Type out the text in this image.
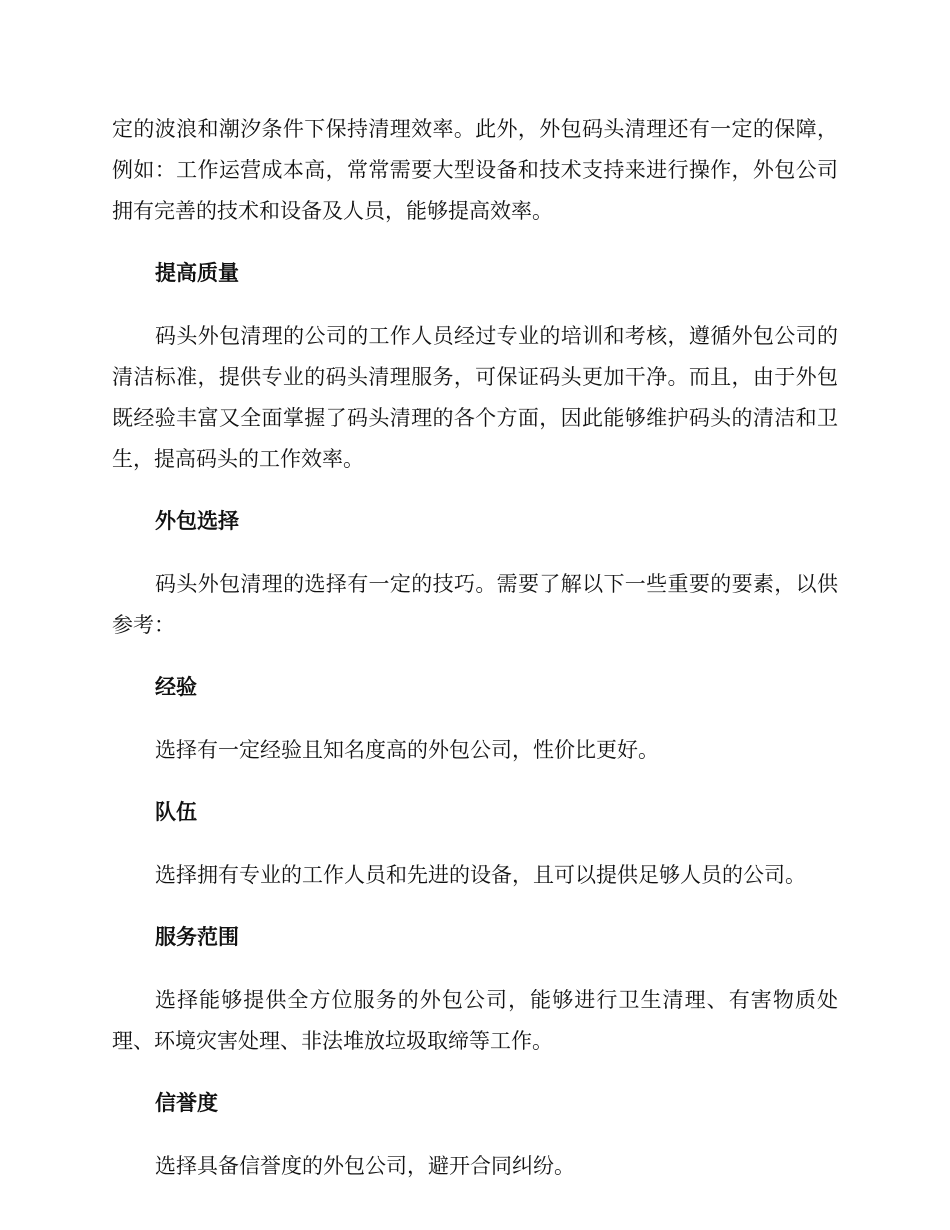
定的波浪和潮汐条件下保持清理效率。此外，外包码头清理还有一定的保障，例如：工作运营成本高，常常需要大型设备和技术支持来进行操作，外包公司拥有完善的技术和设备及人员，能够提高效率。

提高质量

码头外包清理的公司的工作人员经过专业的培训和考核，遵循外包公司的清洁标准，提供专业的码头清理服务，可保证码头更加干净。而且，由于外包既经验丰富又全面掌握了码头清理的各个方面，因此能够维护码头的清洁和卫生，提高码头的工作效率。

外包选择

码头外包清理的选择有一定的技巧。需要了解以下一些重要的要素，以供参考：

经验

选择有一定经验且知名度高的外包公司，性价比更好。

队伍

选择拥有专业的工作人员和先进的设备，且可以提供足够人员的公司。

服务范围

选择能够提供全方位服务的外包公司，能够进行卫生清理、有害物质处理、环境灾害处理、非法堆放垃圾取缔等工作。

信誉度

选择具备信誉度的外包公司，避开合同纠纷。
